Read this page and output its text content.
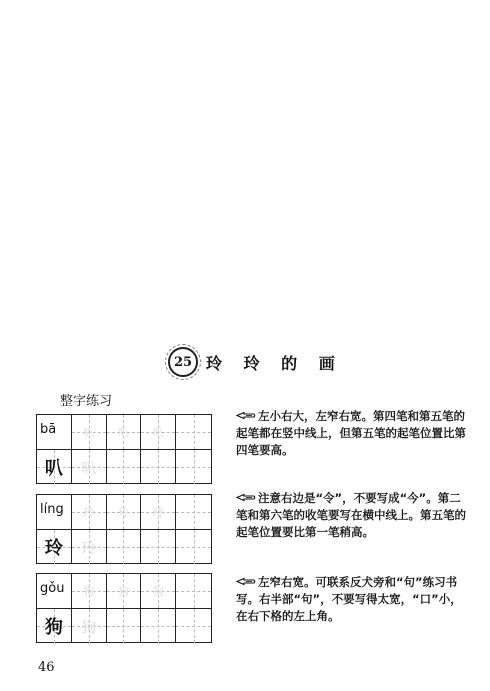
25 玲 玲 的 画
整字练习
bā 叭 叭 叭
叭 叭
líng 玲 玲 玲
玲 玲
gǒu 狗 狗 狗
狗 狗
左小右大，左窄右宽。第四笔和第五笔的起笔都在竖中线上，但第五笔的起笔位置比第四笔要高。
注意右边是“令”，不要写成“今”。第二笔和第六笔的收笔要写在横中线上。第五笔的起笔位置要比第一笔稍高。
左窄右宽。可联系反犬旁和“句”练习书写。右半部“句”，不要写得太宽，“口”小，在右下格的左上角。
46
